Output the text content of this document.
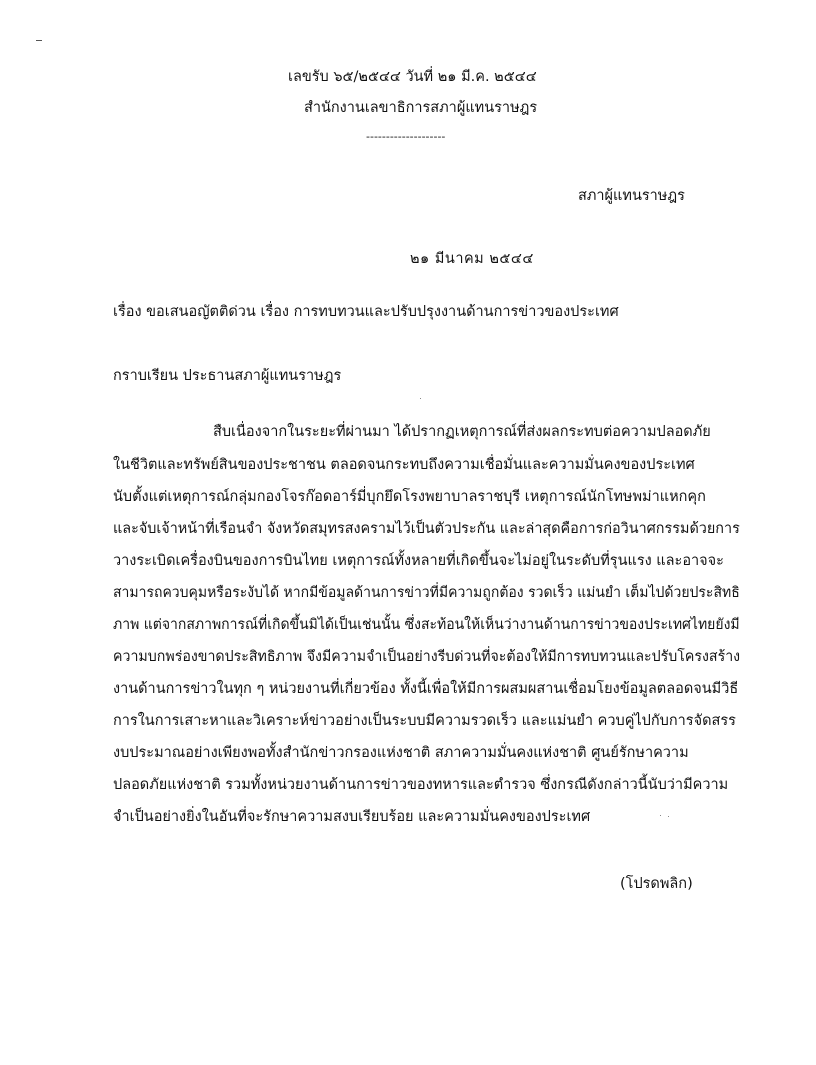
เลขรับ ๖๕/๒๕๔๔ วันที่ ๒๑ มี.ค. ๒๕๔๔
สำนักงานเลขาธิการสภาผู้แทนราษฎร
--------------------
สภาผู้แทนราษฎร
๒๑ มีนาคม ๒๕๔๔
เรื่อง ขอเสนอญัตติด่วน เรื่อง การทบทวนและปรับปรุงงานด้านการข่าวของประเทศ
กราบเรียน ประธานสภาผู้แทนราษฎร
สืบเนื่องจากในระยะที่ผ่านมา ได้ปรากฏเหตุการณ์ที่ส่งผลกระทบต่อความปลอดภัย
ในชีวิตและทรัพย์สินของประชาชน ตลอดจนกระทบถึงความเชื่อมั่นและความมั่นคงของประเทศ
นับตั้งแต่เหตุการณ์กลุ่มกองโจรก๊อดอาร์มี่บุกยึดโรงพยาบาลราชบุรี เหตุการณ์นักโทษพม่าแหกคุก
และจับเจ้าหน้าที่เรือนจำ จังหวัดสมุทรสงครามไว้เป็นตัวประกัน และล่าสุดคือการก่อวินาศกรรมด้วยการ
วางระเบิดเครื่องบินของการบินไทย เหตุการณ์ทั้งหลายที่เกิดขึ้นจะไม่อยู่ในระดับที่รุนแรง และอาจจะ
สามารถควบคุมหรือระงับได้ หากมีข้อมูลด้านการข่าวที่มีความถูกต้อง รวดเร็ว แม่นยำ เต็มไปด้วยประสิทธิ
ภาพ แต่จากสภาพการณ์ที่เกิดขึ้นมิได้เป็นเช่นนั้น ซึ่งสะท้อนให้เห็นว่างานด้านการข่าวของประเทศไทยยังมี
ความบกพร่องขาดประสิทธิภาพ จึงมีความจำเป็นอย่างรีบด่วนที่จะต้องให้มีการทบทวนและปรับโครงสร้าง
งานด้านการข่าวในทุก ๆ หน่วยงานที่เกี่ยวข้อง ทั้งนี้เพื่อให้มีการผสมผสานเชื่อมโยงข้อมูลตลอดจนมีวิธี
การในการเสาะหาและวิเคราะห์ข่าวอย่างเป็นระบบมีความรวดเร็ว และแม่นยำ ควบคู่ไปกับการจัดสรร
งบประมาณอย่างเพียงพอทั้งสำนักข่าวกรองแห่งชาติ สภาความมั่นคงแห่งชาติ ศูนย์รักษาความ
ปลอดภัยแห่งชาติ รวมทั้งหน่วยงานด้านการข่าวของทหารและตำรวจ ซึ่งกรณีดังกล่าวนี้นับว่ามีความ
จำเป็นอย่างยิ่งในอันที่จะรักษาความสงบเรียบร้อย และความมั่นคงของประเทศ
(โปรดพลิก)
